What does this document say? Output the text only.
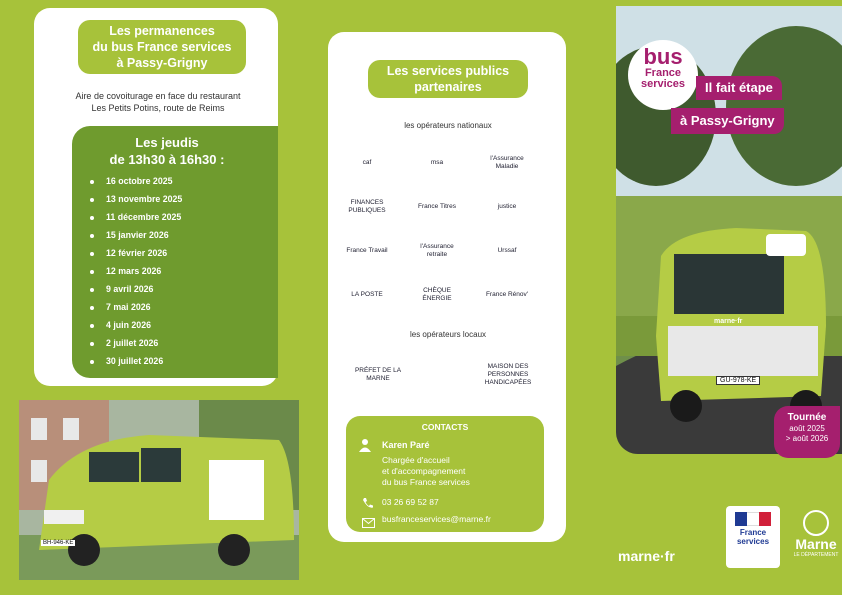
Les permanences
du bus France services
à Passy-Grigny
Aire de covoiturage en face du restaurant
Les Petits Potins, route de Reims
Les jeudis
de 13h30 à 16h30 :
16 octobre 2025
13 novembre 2025
11 décembre 2025
15 janvier 2026
12 février 2026
12 mars 2026
9 avril 2026
7 mai 2026
4 juin 2026
2 juillet 2026
30 juillet 2026
BH-946-KE
Les services publics
partenaires
les opérateurs nationaux
caf	msa
l'Assurance Maladie
FINANCES PUBLIQUES
France Titres	justice
France Travail
l'Assurance retraite
Urssaf
LA POSTE
CHÈQUE ÉNERGIE
France Rénov'
les opérateurs locaux
PRÉFET DE LA MARNE
MAISON DES PERSONNES HANDICAPÉES
CONTACTS
Karen Paré
Chargée d'accueil
et d'accompagnement
du bus France services
03 26 69 52 87
busfranceservices@marne.fr
marne·fr
GU-978-KE
bus
France
services	Il fait étape
à Passy-Grigny
Tournée
août 2025
> août 2026
marne·fr
France
services	Marne
LE DÉPARTEMENT
